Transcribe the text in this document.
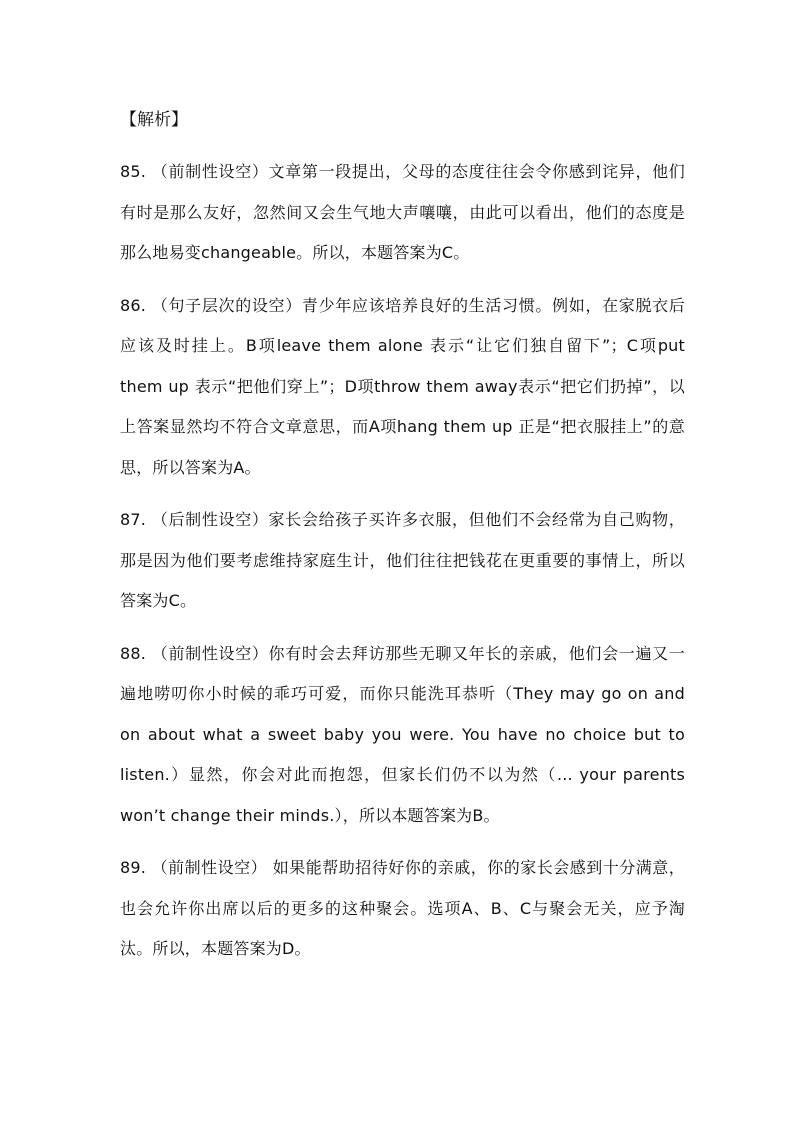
【解析】

85. （前制性设空）文章第一段提出，父母的态度往往会令你感到诧异，他们有时是那么友好，忽然间又会生气地大声嚷嚷，由此可以看出，他们的态度是那么地易变changeable。所以，本题答案为C。

86. （句子层次的设空）青少年应该培养良好的生活习惯。例如，在家脱衣后应该及时挂上。B项leave them alone 表示“让它们独自留下”；C项put them up 表示“把他们穿上”；D项throw them away表示“把它们扔掉”，以上答案显然均不符合文章意思，而A项hang them up 正是“把衣服挂上”的意思，所以答案为A。

87. （后制性设空）家长会给孩子买许多衣服，但他们不会经常为自己购物，那是因为他们要考虑维持家庭生计，他们往往把钱花在更重要的事情上，所以答案为C。

88. （前制性设空）你有时会去拜访那些无聊又年长的亲戚，他们会一遍又一遍地唠叨你小时候的乖巧可爱，而你只能洗耳恭听（They may go on and on about what a sweet baby you were. You have no choice but to listen.）显然，你会对此而抱怨，但家长们仍不以为然（... your parents won’t change their minds.），所以本题答案为B。

89. （前制性设空） 如果能帮助招待好你的亲戚，你的家长会感到十分满意，也会允许你出席以后的更多的这种聚会。选项A、B、C与聚会无关，应予淘汰。所以，本题答案为D。
